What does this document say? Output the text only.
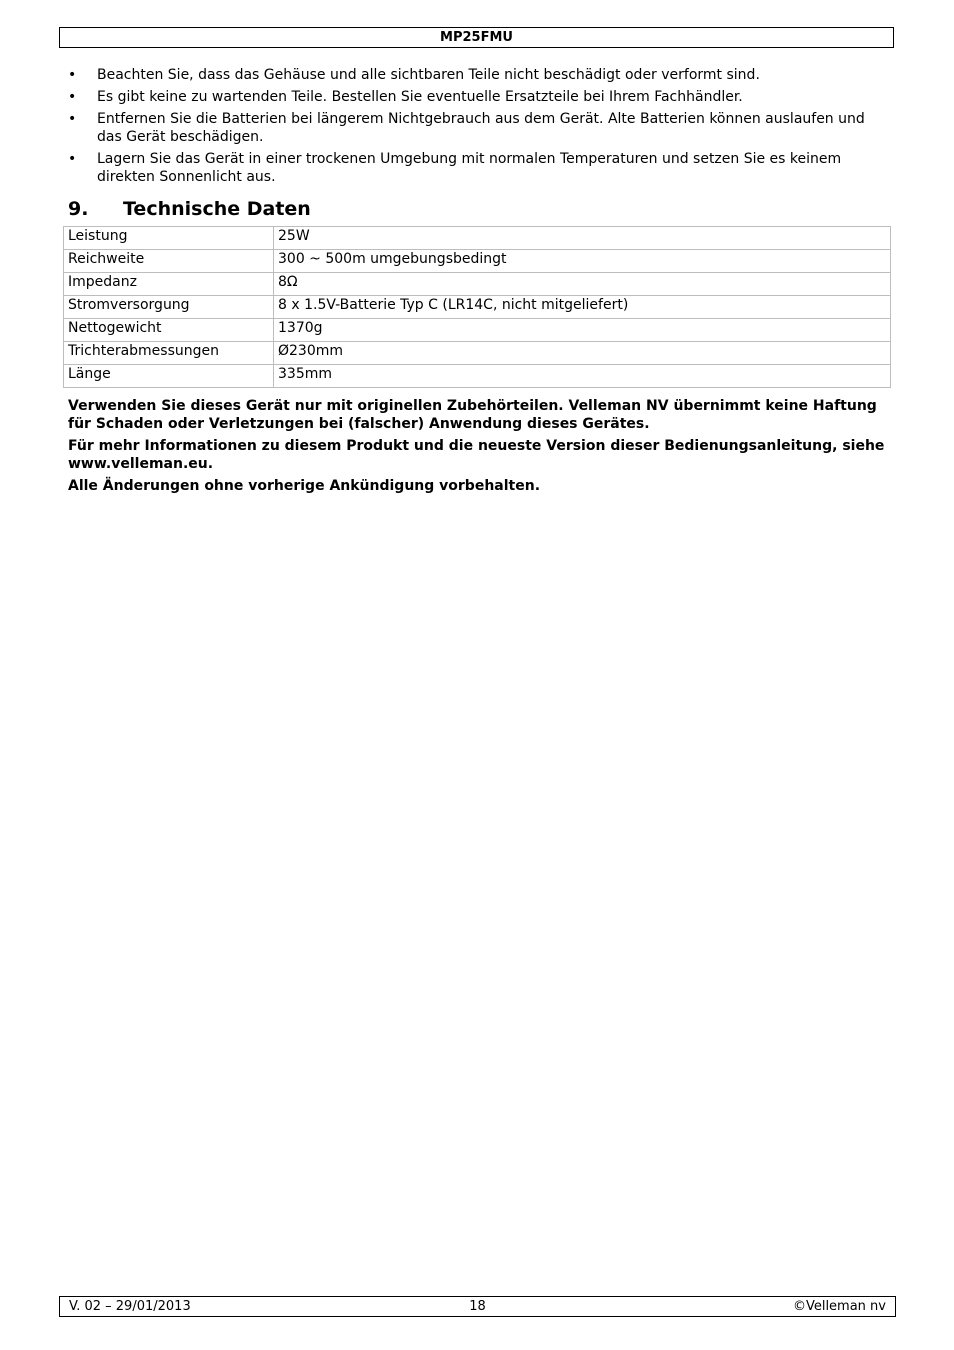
MP25FMU
• Beachten Sie, dass das Gehäuse und alle sichtbaren Teile nicht beschädigt oder verformt sind.
• Es gibt keine zu wartenden Teile. Bestellen Sie eventuelle Ersatzteile bei Ihrem Fachhändler.
• Entfernen Sie die Batterien bei längerem Nichtgebrauch aus dem Gerät. Alte Batterien können auslaufen und das Gerät beschädigen.
• Lagern Sie das Gerät in einer trockenen Umgebung mit normalen Temperaturen und setzen Sie es keinem direkten Sonnenlicht aus.
9. Technische Daten
Leistung	25W
Reichweite	300 ~ 500m umgebungsbedingt
Impedanz	8Ω
Stromversorgung	8 x 1.5V-Batterie Typ C (LR14C, nicht mitgeliefert)
Nettogewicht	1370g
Trichterabmessungen	Ø230mm
Länge	335mm

Verwenden Sie dieses Gerät nur mit originellen Zubehörteilen. Velleman NV übernimmt keine Haftung für Schaden oder Verletzungen bei (falscher) Anwendung dieses Gerätes.

Für mehr Informationen zu diesem Produkt und die neueste Version dieser Bedienungsanleitung, siehe www.velleman.eu.

Alle Änderungen ohne vorherige Ankündigung vorbehalten.

V. 02 – 29/01/2013	18	©Velleman nv
